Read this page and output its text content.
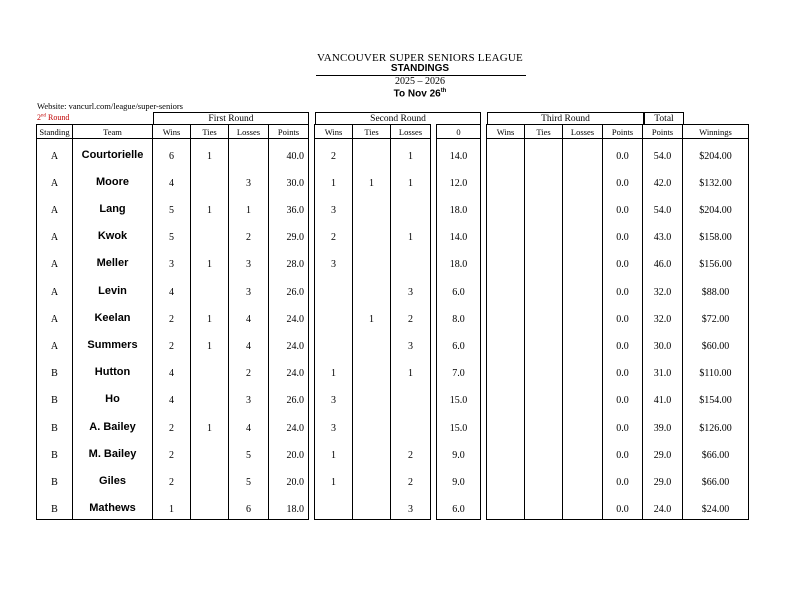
VANCOUVER SUPER SENIORS LEAGUE
STANDINGS
2025 – 2026
To Nov 26th
Website: vancurl.com/league/super-seniors
2nd Round	First Round	Second Round	Third Round	Total
Standing	Team	Wins	Ties	Losses	Points		Wins	Ties	Losses		0		Wins	Ties	Losses	Points	Points	Winnings
A	Courtorielle	6	1		40.0		2		1		14.0					0.0	54.0	$204.00
A	Moore	4		3	30.0		1	1	1		12.0					0.0	42.0	$132.00
A	Lang	5	1	1	36.0		3				18.0					0.0	54.0	$204.00
A	Kwok	5		2	29.0		2		1		14.0					0.0	43.0	$158.00
A	Meller	3	1	3	28.0		3				18.0					0.0	46.0	$156.00
A	Levin	4		3	26.0				3		6.0					0.0	32.0	$88.00
A	Keelan	2	1	4	24.0			1	2		8.0					0.0	32.0	$72.00
A	Summers	2	1	4	24.0				3		6.0					0.0	30.0	$60.00
B	Hutton	4		2	24.0		1		1		7.0					0.0	31.0	$110.00
B	Ho	4		3	26.0		3				15.0					0.0	41.0	$154.00
B	A. Bailey	2	1	4	24.0		3				15.0					0.0	39.0	$126.00
B	M. Bailey	2		5	20.0		1		2		9.0					0.0	29.0	$66.00
B	Giles	2		5	20.0		1		2		9.0					0.0	29.0	$66.00
B	Mathews	1		6	18.0				3		6.0					0.0	24.0	$24.00
